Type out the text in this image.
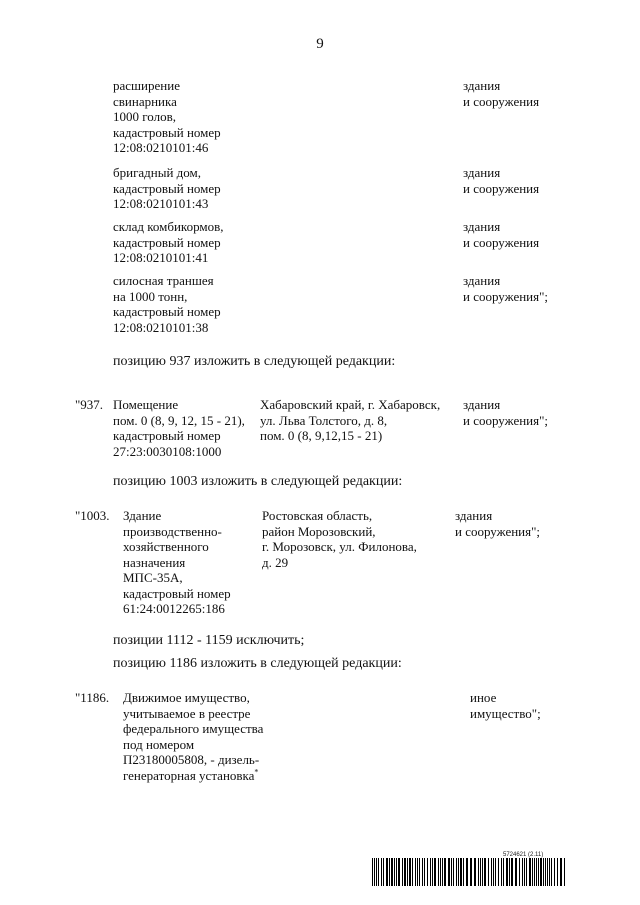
9
расширение
свинарника
1000 голов,
кадастровый номер
12:08:0210101:46
здания
и сооружения
бригадный дом,
кадастровый номер
12:08:0210101:43
здания
и сооружения
склад комбикормов,
кадастровый номер
12:08:0210101:41
здания
и сооружения
силосная траншея
на 1000 тонн,
кадастровый номер
12:08:0210101:38
здания
и сооружения";
позицию 937 изложить в следующей редакции:
"937. Помещение
пом. 0 (8, 9, 12, 15 - 21),
кадастровый номер
27:23:0030108:1000
Хабаровский край, г. Хабаровск,
ул. Льва Толстого, д. 8,
пом. 0 (8, 9,12,15 - 21)
здания
и сооружения";
позицию 1003 изложить в следующей редакции:
"1003. Здание
производственно-
хозяйственного
назначения
МПС-35А,
кадастровый номер
61:24:0012265:186
Ростовская область,
район Морозовский,
г. Морозовск, ул. Филонова,
д. 29
здания
и сооружения";
позиции 1112 - 1159 исключить;
позицию 1186 изложить в следующей редакции:
"1186. Движимое имущество,
учитываемое в реестре
федерального имущества
под номером
П23180005808, - дизель-
генераторная установка*
иное
имущество";
5724621 (2.11)
